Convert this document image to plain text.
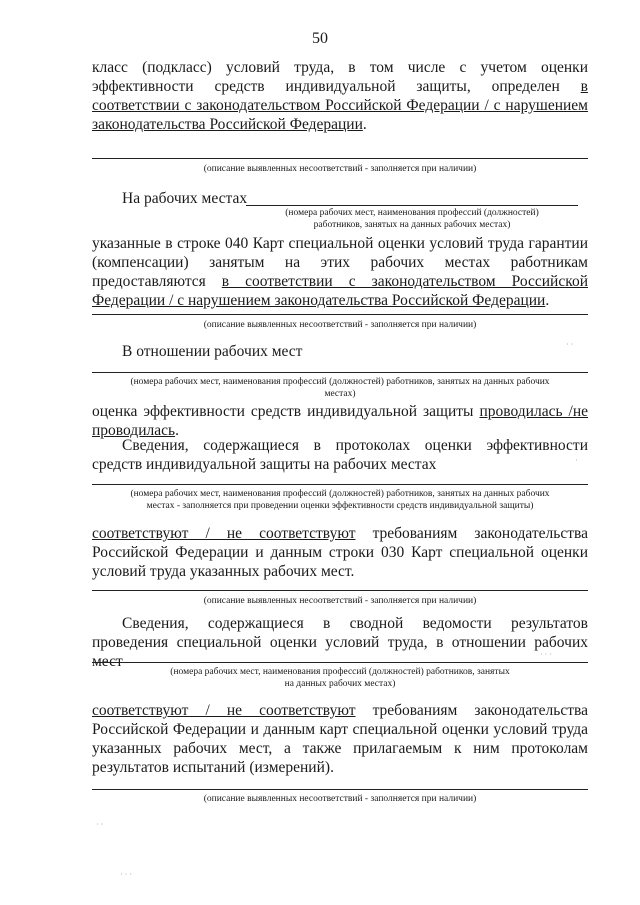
50
класс (подкласс) условий труда, в том числе с учетом оценки эффективности средств индивидуальной защиты, определен в соответствии с законодательством Российской Федерации / с нарушением законодательства Российской Федерации.
(описание выявленных несоответствий - заполняется при наличии)
На рабочих местах
(номера рабочих мест, наименования профессий (должностей)
работников, занятых на данных рабочих местах)
указанные в строке 040 Карт специальной оценки условий труда гарантии (компенсации) занятым на этих рабочих местах работникам предоставляются в соответствии с законодательством Российской Федерации / с нарушением законодательства Российской Федерации.
(описание выявленных несоответствий - заполняется при наличии)
В отношении рабочих мест
(номера рабочих мест, наименования профессий (должностей) работников, занятых на данных рабочих
местах)
оценка эффективности средств индивидуальной защиты проводилась /не проводилась.
Сведения, содержащиеся в протоколах оценки эффективности средств индивидуальной защиты на рабочих местах
(номера рабочих мест, наименования профессий (должностей) работников, занятых на данных рабочих
местах - заполняется при проведении оценки эффективности средств индивидуальной защиты)
соответствуют / не соответствуют требованиям законодательства Российской Федерации и данным строки 030 Карт специальной оценки условий труда указанных рабочих мест.
(описание выявленных несоответствий - заполняется при наличии)
Сведения, содержащиеся в сводной ведомости результатов проведения специальной оценки условий труда, в отношении рабочих мест
(номера рабочих мест, наименования профессий (должностей) работников, занятых
на данных рабочих местах)
соответствуют / не соответствуют требованиям законодательства Российской Федерации и данным карт специальной оценки условий труда указанных рабочих мест, а также прилагаемым к ним протоколам результатов испытаний (измерений).
(описание выявленных несоответствий - заполняется при наличии)
· ·
·
· · ·
· ·
· · ·
